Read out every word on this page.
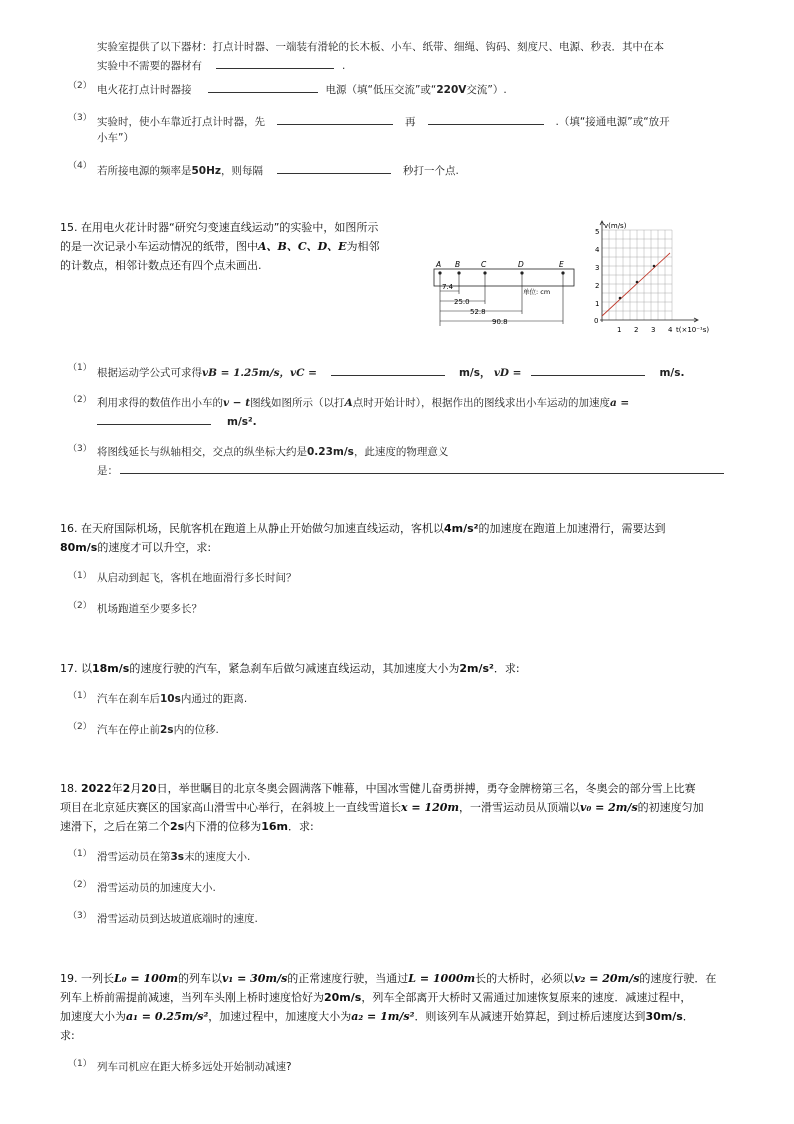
实验室提供了以下器材：打点计时器、一端装有滑轮的长木板、小车、纸带、细绳、钩码、刻度尺、电源、秒表．其中在本
实验中不需要的器材有	.
（2） 电火花打点计时器接	电源（填“低压交流”或“220V交流”）.
（3） 实验时，使小车靠近打点计时器，先	再	.（填“接通电源”或“放开
小车”）
（4） 若所接电源的频率是50Hz，则每隔	秒打一个点.
15. 在用电火花计时器“研究匀变速直线运动”的实验中，如图所示
的是一次记录小车运动情况的纸带，图中A、B、C、D、E为相邻
的计数点，相邻计数点还有四个点未画出.	A B	C	D	E
单位: cm
7.4
25.0
52.8
90.8
v(m/s)
t(×10⁻¹s)
0
1
2
3
4
5
1 2 3 4
（1） 根据运动学公式可求得vB = 1.25m/s，vC =	m/s， vD =	m/s.
（2） 利用求得的数值作出小车的v − t图线如图所示（以打A点时开始计时），根据作出的图线求出小车运动的加速度a =
m/s².
（3） 将图线延长与纵轴相交，交点的纵坐标大约是0.23m/s，此速度的物理意义
是：
16. 在天府国际机场，民航客机在跑道上从静止开始做匀加速直线运动，客机以4m/s²的加速度在跑道上加速滑行，需要达到
80m/s的速度才可以升空，求:
（1） 从启动到起飞，客机在地面滑行多长时间？
（2） 机场跑道至少要多长？
17. 以18m/s的速度行驶的汽车，紧急刹车后做匀减速直线运动，其加速度大小为2m/s²．求:
（1） 汽车在刹车后10s内通过的距离.
（2） 汽车在停止前2s内的位移.
18. 2022年2月20日，举世瞩目的北京冬奥会圆满落下帷幕，中国冰雪健儿奋勇拼搏，勇夺金牌榜第三名，冬奥会的部分雪上比赛
项目在北京延庆赛区的国家高山滑雪中心举行，在斜坡上一直线雪道长x = 120m，一滑雪运动员从顶端以v₀ = 2m/s的初速度匀加
速滑下，之后在第二个2s内下滑的位移为16m．求:
（1） 滑雪运动员在第3s末的速度大小.
（2） 滑雪运动员的加速度大小.
（3） 滑雪运动员到达坡道底端时的速度.
19. 一列长L₀ = 100m的列车以v₁ = 30m/s的正常速度行驶，当通过L = 1000m长的大桥时，必须以v₂ = 20m/s的速度行驶．在
列车上桥前需提前减速，当列车头刚上桥时速度恰好为20m/s，列车全部离开大桥时又需通过加速恢复原来的速度．减速过程中，
加速度大小为a₁ = 0.25m/s²，加速过程中，加速度大小为a₂ = 1m/s²．则该列车从减速开始算起，到过桥后速度达到30m/s．
求:
（1） 列车司机应在距大桥多远处开始制动减速?
